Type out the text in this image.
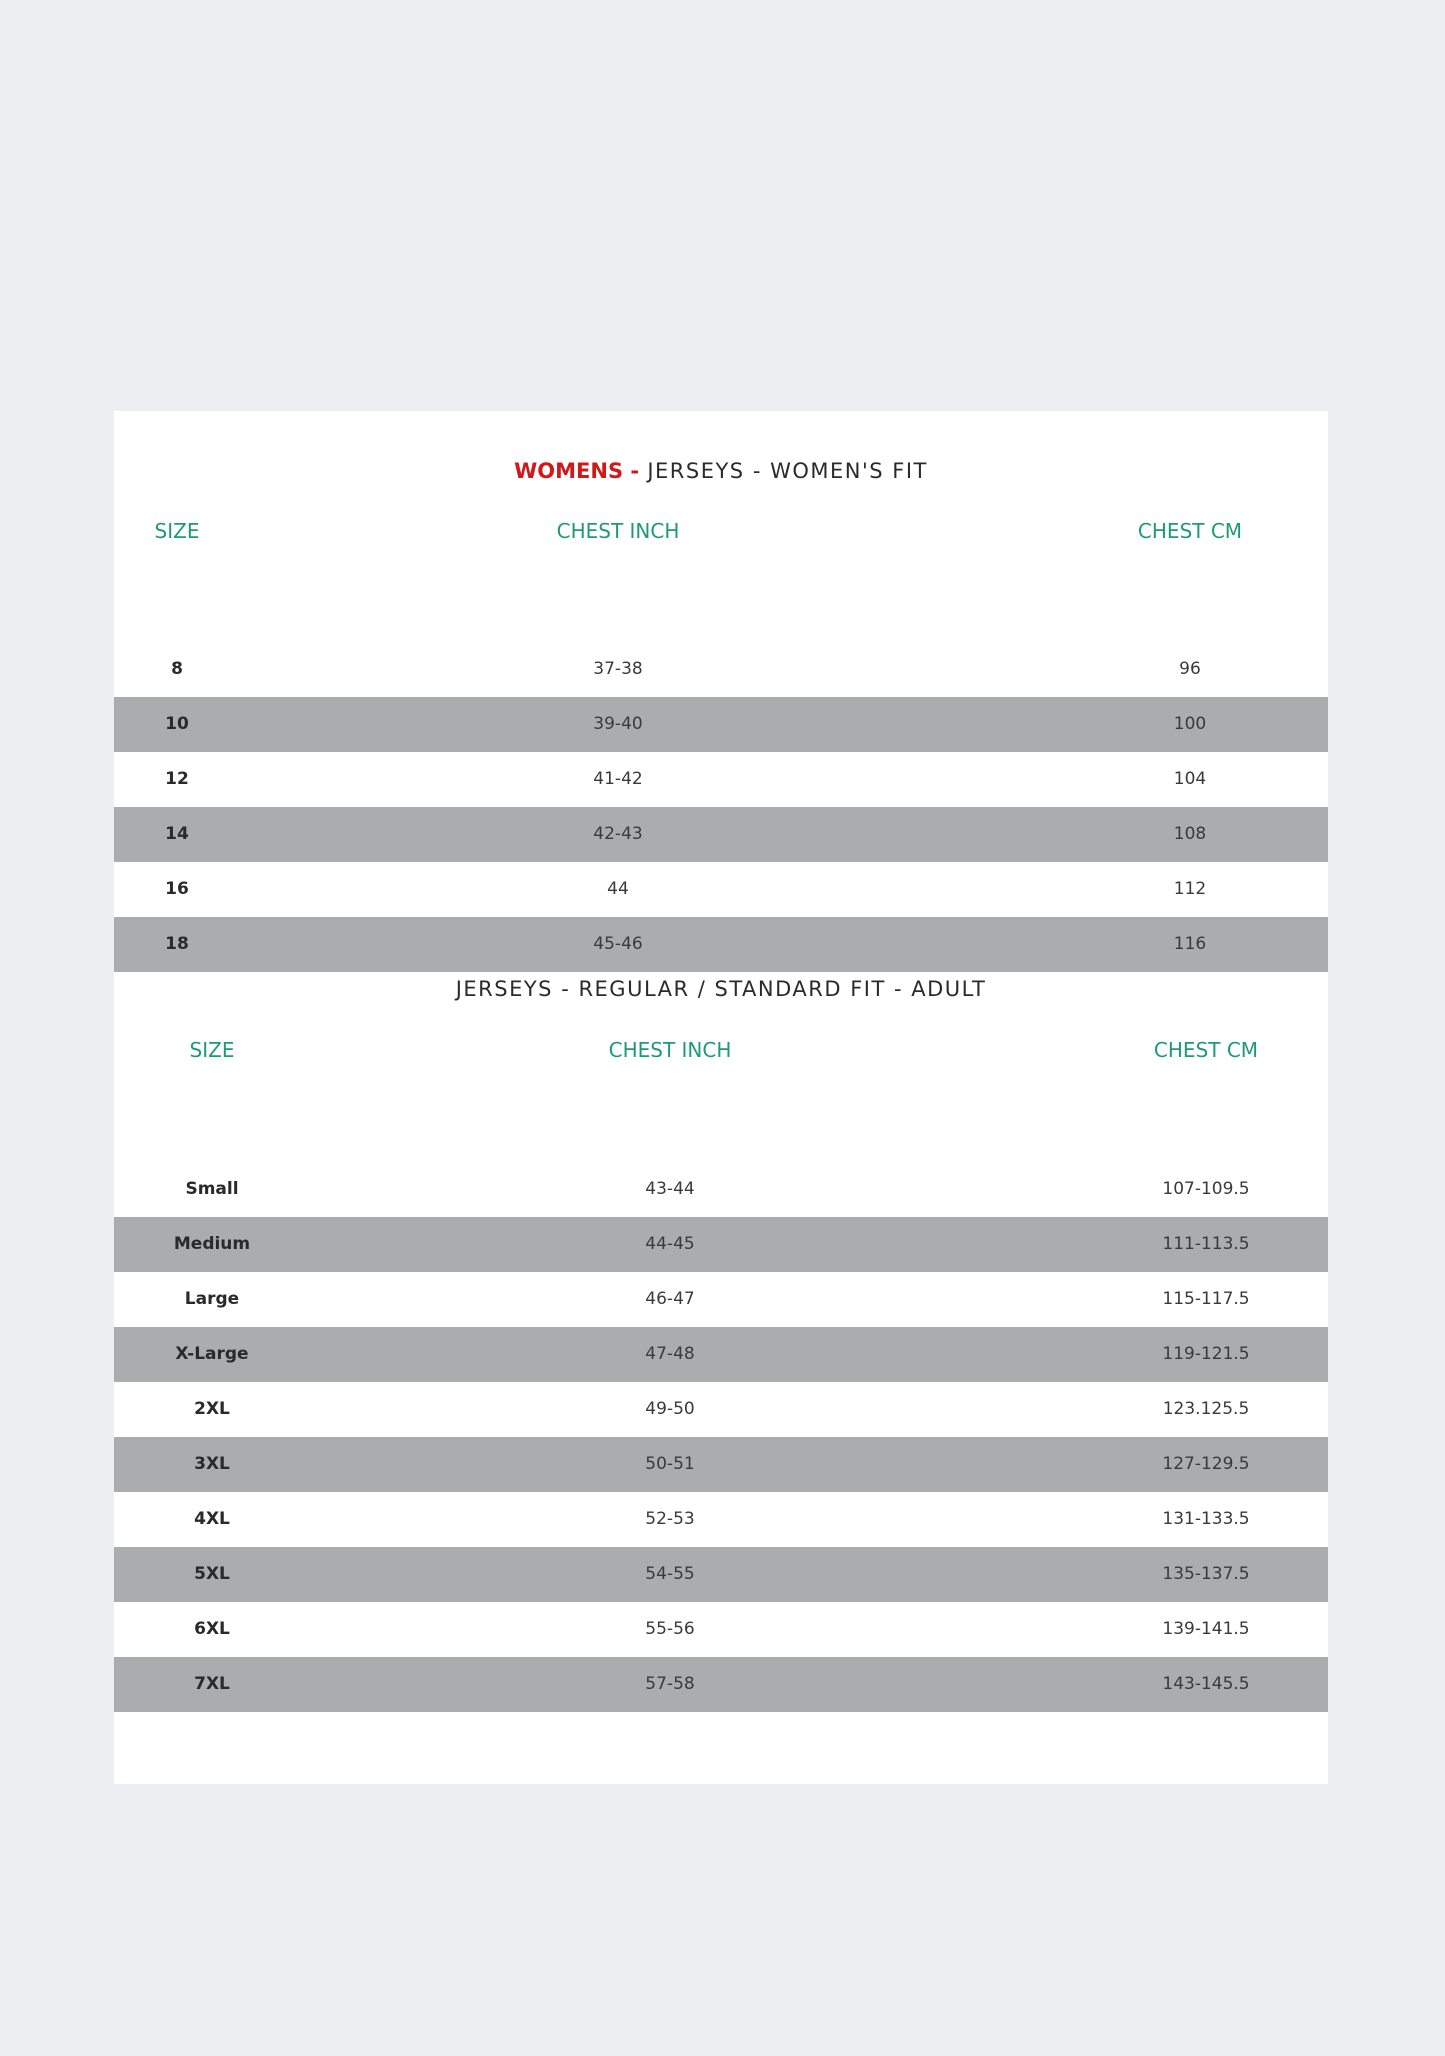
WOMENS - JERSEYS - WOMEN'S FIT
SIZE	CHEST INCH	CHEST CM
8	37-38	96
10	39-40	100
12	41-42	104
14	42-43	108
16	44	112
18	45-46	116
JERSEYS - REGULAR / STANDARD FIT - ADULT
SIZE	CHEST INCH	CHEST CM
Small	43-44	107-109.5
Medium	44-45	111-113.5
Large	46-47	115-117.5
X-Large	47-48	119-121.5
2XL	49-50	123.125.5
3XL	50-51	127-129.5
4XL	52-53	131-133.5
5XL	54-55	135-137.5
6XL	55-56	139-141.5
7XL	57-58	143-145.5
